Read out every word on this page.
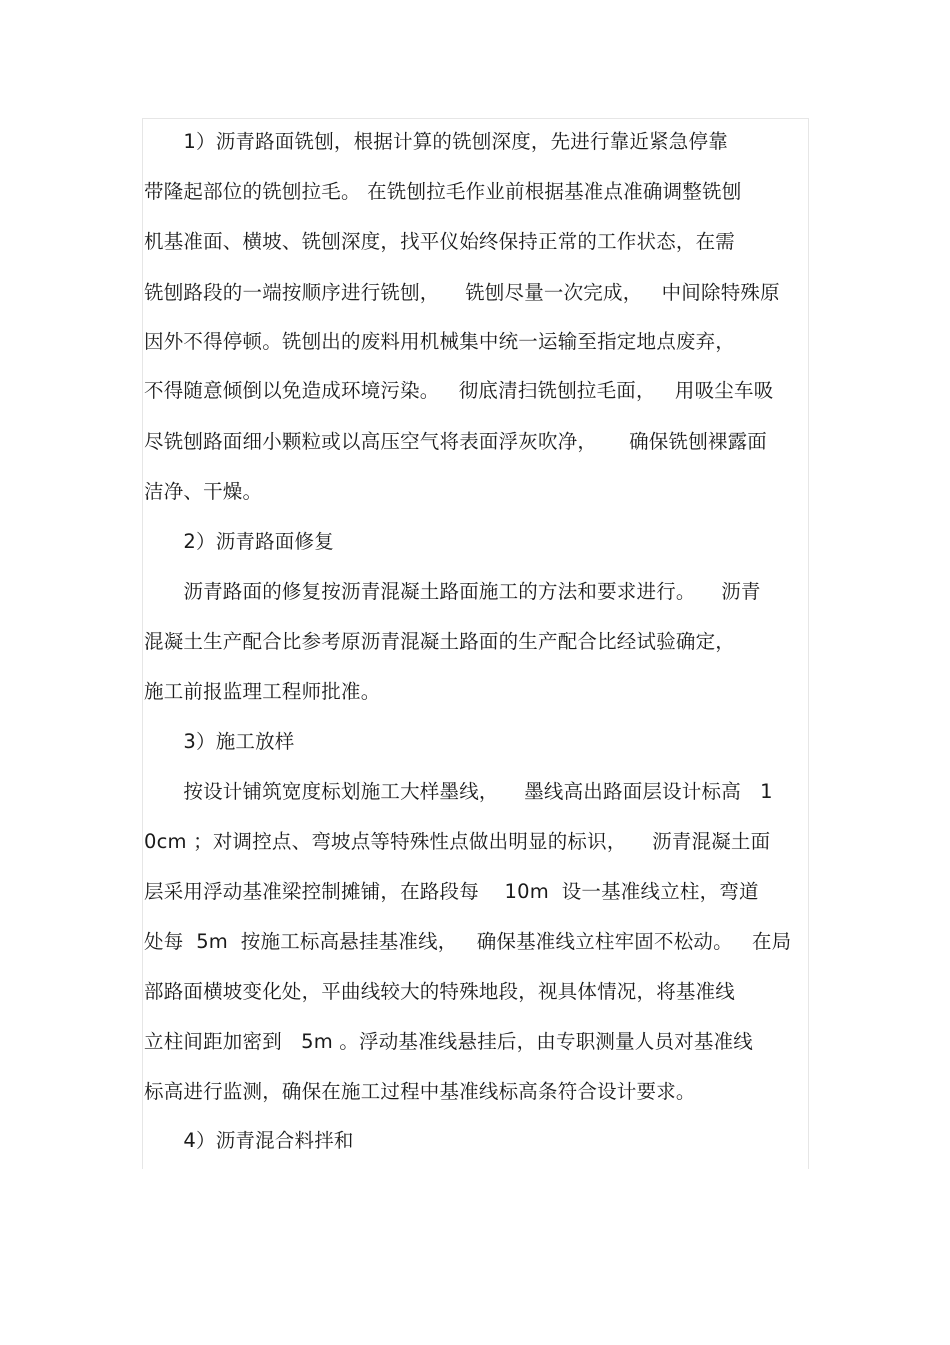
　　1）沥青路面铣刨，根据计算的铣刨深度，先进行靠近紧急停靠
带隆起部位的铣刨拉毛。 在铣刨拉毛作业前根据基准点准确调整铣刨
机基准面、横坡、铣刨深度，找平仪始终保持正常的工作状态，在需
铣刨路段的一端按顺序进行铣刨，    铣刨尽量一次完成，   中间除特殊原
因外不得停顿。铣刨出的废料用机械集中统一运输至指定地点废弃，
不得随意倾倒以免造成环境污染。   彻底清扫铣刨拉毛面，   用吸尘车吸
尽铣刨路面细小颗粒或以高压空气将表面浮灰吹净，     确保铣刨裸露面
洁净、干燥。
　　2）沥青路面修复
　　沥青路面的修复按沥青混凝土路面施工的方法和要求进行。    沥青
混凝土生产配合比参考原沥青混凝土路面的生产配合比经试验确定，
施工前报监理工程师批准。
　　3）施工放样
　　按设计铺筑宽度标划施工大样墨线，    墨线高出路面层设计标高   1
0cm ；对调控点、弯坡点等特殊性点做出明显的标识，    沥青混凝土面
层采用浮动基准梁控制摊铺，在路段每    10m  设一基准线立柱，弯道
处每  5m  按施工标高悬挂基准线，   确保基准线立柱牢固不松动。   在局
部路面横坡变化处，平曲线较大的特殊地段，视具体情况，将基准线
立柱间距加密到   5m 。浮动基准线悬挂后，由专职测量人员对基准线
标高进行监测，确保在施工过程中基准线标高条符合设计要求。
　　4）沥青混合料拌和
